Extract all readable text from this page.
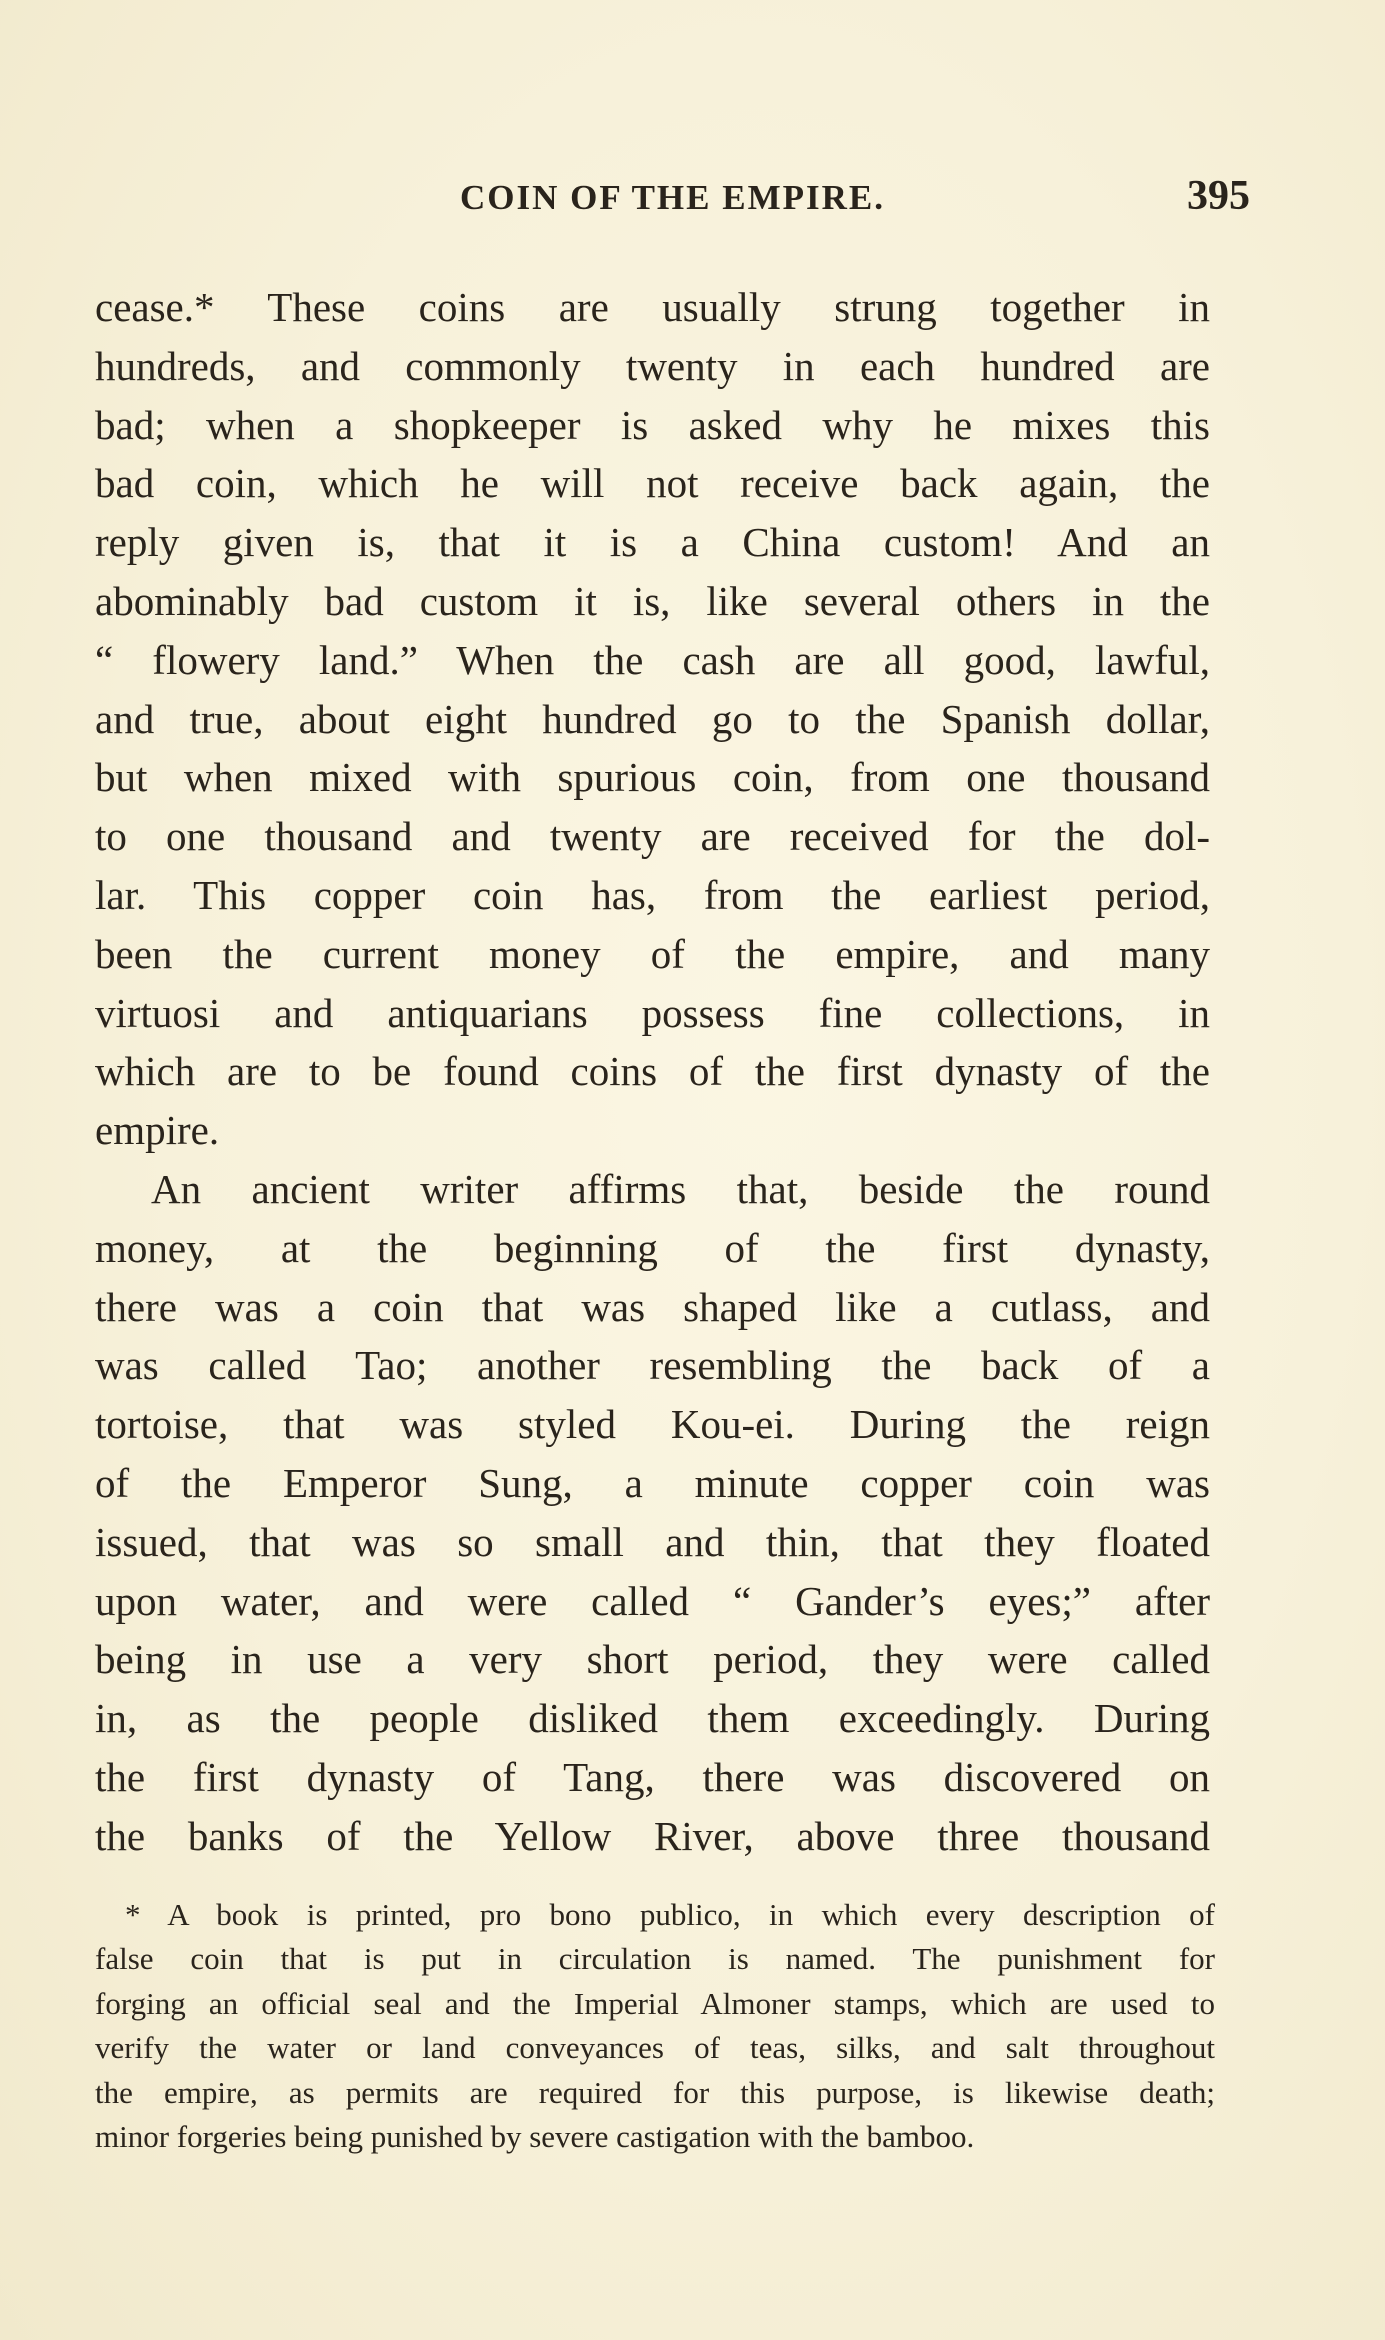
COIN OF THE EMPIRE.	395
cease.* These coins are usually strung together in
hundreds, and commonly twenty in each hundred are
bad; when a shopkeeper is asked why he mixes this
bad coin, which he will not receive back again, the
reply given is, that it is a China custom! And an
abominably bad custom it is, like several others in the
“ flowery land.” When the cash are all good, lawful,
and true, about eight hundred go to the Spanish dollar,
but when mixed with spurious coin, from one thousand
to one thousand and twenty are received for the dol-
lar. This copper coin has, from the earliest period,
been the current money of the empire, and many
virtuosi and antiquarians possess fine collections, in
which are to be found coins of the first dynasty of the
empire.
An ancient writer affirms that, beside the round
money, at the beginning of the first dynasty,
there was a coin that was shaped like a cutlass, and
was called Tao; another resembling the back of a
tortoise, that was styled Kou-ei. During the reign
of the Emperor Sung, a minute copper coin was
issued, that was so small and thin, that they floated
upon water, and were called “ Gander’s eyes;” after
being in use a very short period, they were called
in, as the people disliked them exceedingly. During
the first dynasty of Tang, there was discovered on
the banks of the Yellow River, above three thousand
* A book is printed, pro bono publico, in which every description of
false coin that is put in circulation is named. The punishment for
forging an official seal and the Imperial Almoner stamps, which are used to
verify the water or land conveyances of teas, silks, and salt throughout
the empire, as permits are required for this purpose, is likewise death;
minor forgeries being punished by severe castigation with the bamboo.
